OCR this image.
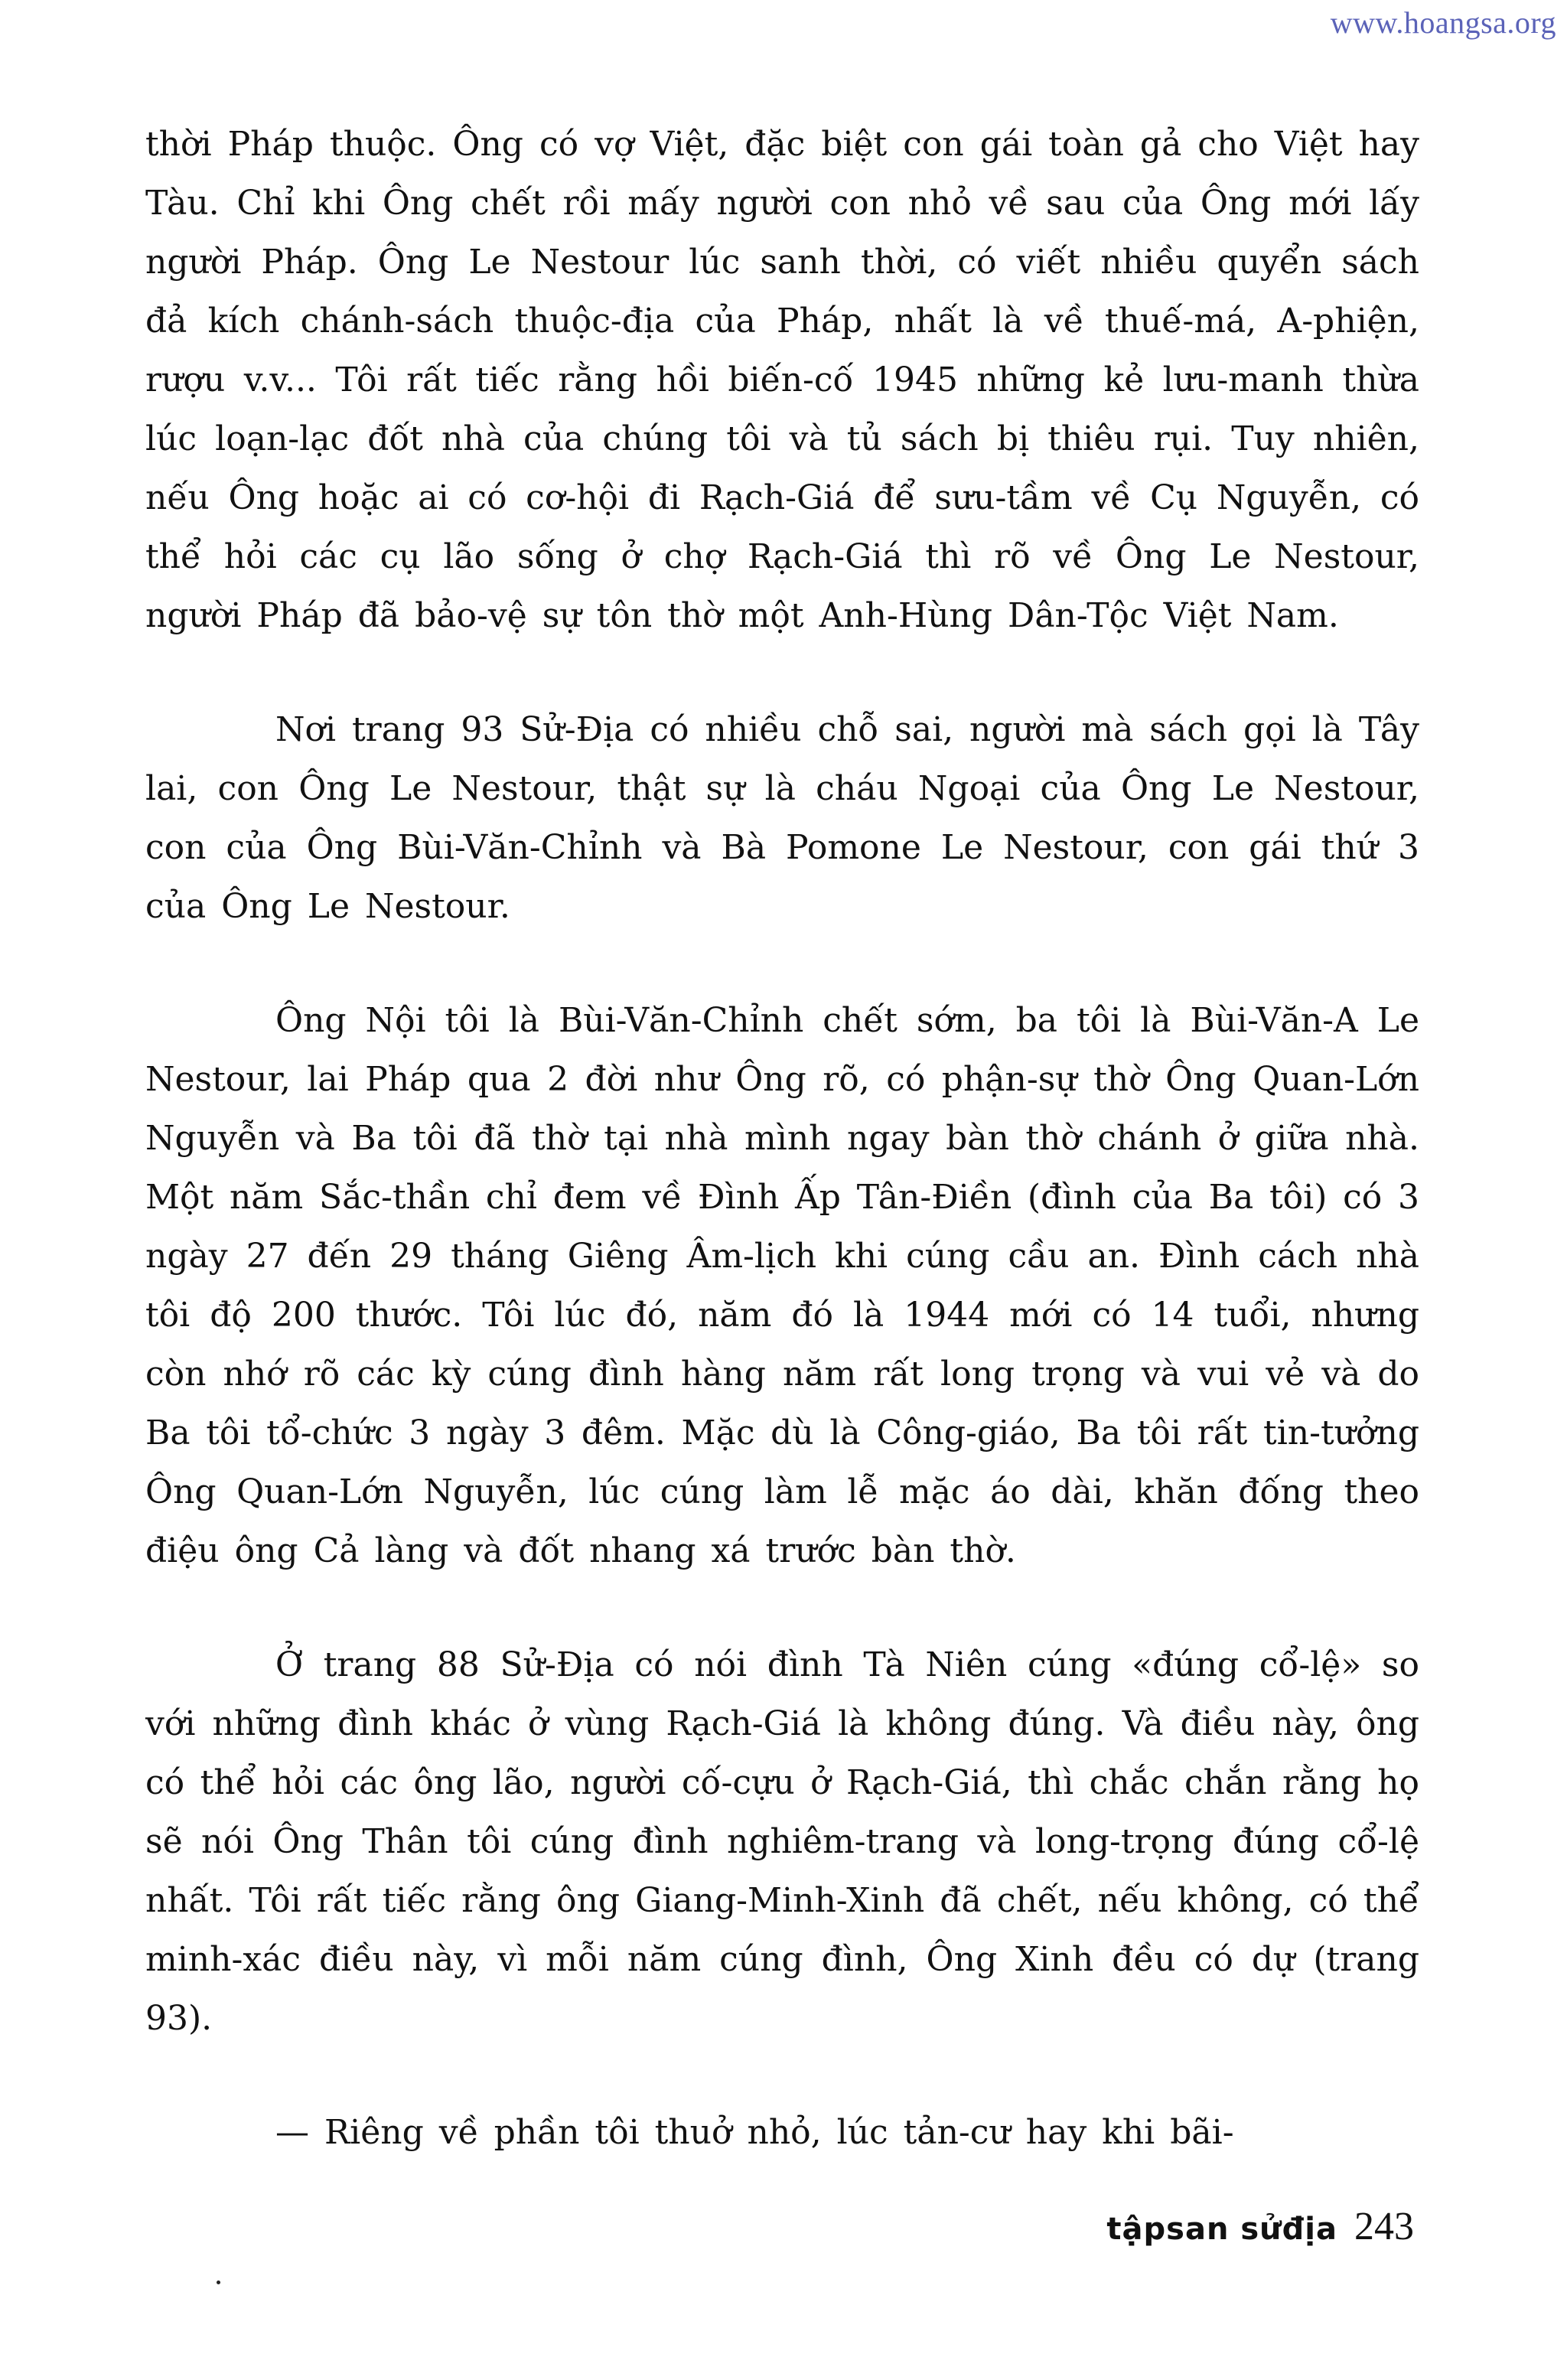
www.hoangsa.org

thời Pháp thuộc. Ông có vợ Việt, đặc biệt con gái toàn gả cho Việt hay Tàu. Chỉ khi Ông chết rồi mấy người con nhỏ về sau của Ông mới lấy người Pháp. Ông Le Nestour lúc sanh thời, có viết nhiều quyển sách đả kích chánh-sách thuộc-địa của Pháp, nhất là về thuế-má, A-phiện, rượu v.v... Tôi rất tiếc rằng hồi biến-cố 1945 những kẻ lưu-manh thừa lúc loạn-lạc đốt nhà của chúng tôi và tủ sách bị thiêu rụi. Tuy nhiên, nếu Ông hoặc ai có cơ-hội đi Rạch-Giá để sưu-tầm về Cụ Nguyễn, có thể hỏi các cụ lão sống ở chợ Rạch-Giá thì rõ về Ông Le Nestour, người Pháp đã bảo-vệ sự tôn thờ một Anh-Hùng Dân-Tộc Việt Nam.

Nơi trang 93 Sử-Địa có nhiều chỗ sai, người mà sách gọi là Tây lai, con Ông Le Nestour, thật sự là cháu Ngoại của Ông Le Nestour, con của Ông Bùi-Văn-Chỉnh và Bà Pomone Le Nestour, con gái thứ 3 của Ông Le Nestour.

Ông Nội tôi là Bùi-Văn-Chỉnh chết sớm, ba tôi là Bùi-Văn-A Le Nestour, lai Pháp qua 2 đời như Ông rõ, có phận-sự thờ Ông Quan-Lớn Nguyễn và Ba tôi đã thờ tại nhà mình ngay bàn thờ chánh ở giữa nhà. Một năm Sắc-thần chỉ đem về Đình Ấp Tân-Điền (đình của Ba tôi) có 3 ngày 27 đến 29 tháng Giêng Âm-lịch khi cúng cầu an. Đình cách nhà tôi độ 200 thước. Tôi lúc đó, năm đó là 1944 mới có 14 tuổi, nhưng còn nhớ rõ các kỳ cúng đình hàng năm rất long trọng và vui vẻ và do Ba tôi tổ-chức 3 ngày 3 đêm. Mặc dù là Công-giáo, Ba tôi rất tin-tưởng Ông Quan-Lớn Nguyễn, lúc cúng làm lễ mặc áo dài, khăn đống theo điệu ông Cả làng và đốt nhang xá trước bàn thờ.

Ở trang 88 Sử-Địa có nói đình Tà Niên cúng «đúng cổ-lệ» so với những đình khác ở vùng Rạch-Giá là không đúng. Và điều này, ông có thể hỏi các ông lão, người cố-cựu ở Rạch-Giá, thì chắc chắn rằng họ sẽ nói Ông Thân tôi cúng đình nghiêm-trang và long-trọng đúng cổ-lệ nhất. Tôi rất tiếc rằng ông Giang-Minh-Xinh đã chết, nếu không, có thể minh-xác điều này, vì mỗi năm cúng đình, Ông Xinh đều có dự (trang 93).

— Riêng về phần tôi thuở nhỏ, lúc tản-cư hay khi bãi-

tậpsan sửđịa 243
